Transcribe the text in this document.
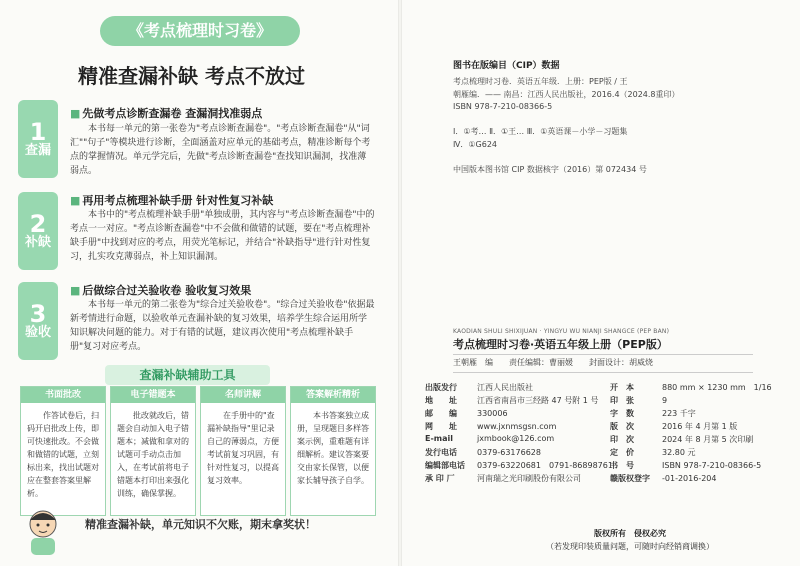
《考点梳理时习卷》
精准查漏补缺 考点不放过
1
查漏
■ 先做考点诊断查漏卷 查漏洞找准弱点
本书每一单元的第一张卷为"考点诊断查漏卷"。"考点诊断查漏卷"从"词汇""句子"等模块进行诊断，全面涵盖对应单元的基础考点，精准诊断每个考点的掌握情况。单元学完后，先做"考点诊断查漏卷"查找知识漏洞，找准薄弱点。
2
补缺
■ 再用考点梳理补缺手册 针对性复习补缺
本书中的"考点梳理补缺手册"单独成册，其内容与"考点诊断查漏卷"中的考点一一对应。"考点诊断查漏卷"中不会做和做错的试题，要在"考点梳理补缺手册"中找到对应的考点，用荧光笔标记，并结合"补缺指导"进行针对性复习，扎实攻克薄弱点，补上知识漏洞。
3
验收
■ 后做综合过关验收卷 验收复习效果
本书每一单元的第二张卷为"综合过关验收卷"。"综合过关验收卷"依据最新考情进行命题，以验收单元查漏补缺的复习效果，培养学生综合运用所学知识解决问题的能力。对于有错的试题，建议再次使用"考点梳理补缺手册"复习对应考点。
查漏补缺辅助工具
书面批改
作答试卷后，扫码开启批改上传，即可快速批改。不会做和做错的试题，立刻标出来，找出试题对应在整套答案里解析。
电子错题本
批改就改后，错题会自动加入电子错题本；减做和拿对的试题可手动点击加入，在考试前将电子错题本打印出来强化训练，确保掌握。
名师讲解
在手册中的"查漏补缺指导"里记录自己的薄弱点，方便考试前复习巩固，有针对性复习，以提高复习效率。
答案解析精析
本书答案独立成册，呈现题目多样答案示例，重难题有详细解析。建议答案要交由家长保管，以便家长辅导孩子自学。
精准查漏补缺，单元知识不欠账，期末拿奖状！
图书在版编目（CIP）数据
考点梳理时习卷．英语五年级．上册：PEP版 / 王
朝雁编．—— 南昌：江西人民出版社，2016.4（2024.8重印）
ISBN 978-7-210-08366-5
Ⅰ．①考… Ⅱ．①王… Ⅲ．①英语课－小学－习题集
Ⅳ．①G624
中国版本图书馆 CIP 数据核字（2016）第 072434 号
KAODIAN SHULI SHIXIJUAN · YINGYU WU NIANJI SHANGCE (PEP BAN)
考点梳理时习卷·英语五年级上册（PEP版）
王朝雁　编　　责任编辑：曹丽媛　　封面设计：胡威烧
出版发行	江西人民出版社
地　　址	江西省南昌市三经路 47 号附 1 号
邮　　编	330006
网　　址	www.jxnmsgsn.com
E-mail	jxmbook@126.com
发行电话	0379-63176628
编辑部电话 0379-63220681　0791-86898761
承 印 厂	河南瑞之光印刷股份有限公司
开　本	880 mm × 1230 mm　1/16
印　张	9
字　数	223 千字
版　次	2016 年 4 月第 1 版
印　次	2024 年 8 月第 5 次印刷
定　价	32.80 元
书　号	ISBN 978-7-210-08366-5
赣版权登字 -01-2016-204
版权所有　侵权必究
（若发现印装质量问题，可随时向经销商调换）
